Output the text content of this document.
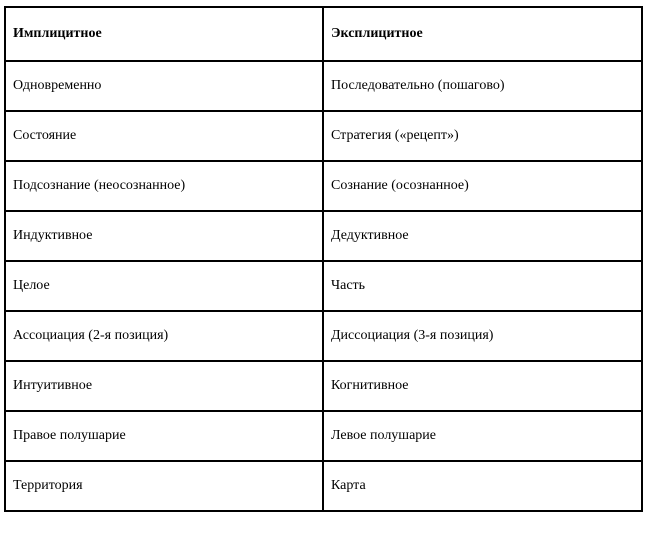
Имплицитное	Эксплицитное
Одновременно	Последовательно (пошагово)
Состояние	Стратегия («рецепт»)
Подсознание (неосознанное)	Сознание (осознанное)
Индуктивное	Дедуктивное
Целое	Часть
Ассоциация (2-я позиция)	Диссоциация (3-я позиция)
Интуитивное	Когнитивное
Правое полушарие	Левое полушарие
Территория	Карта
